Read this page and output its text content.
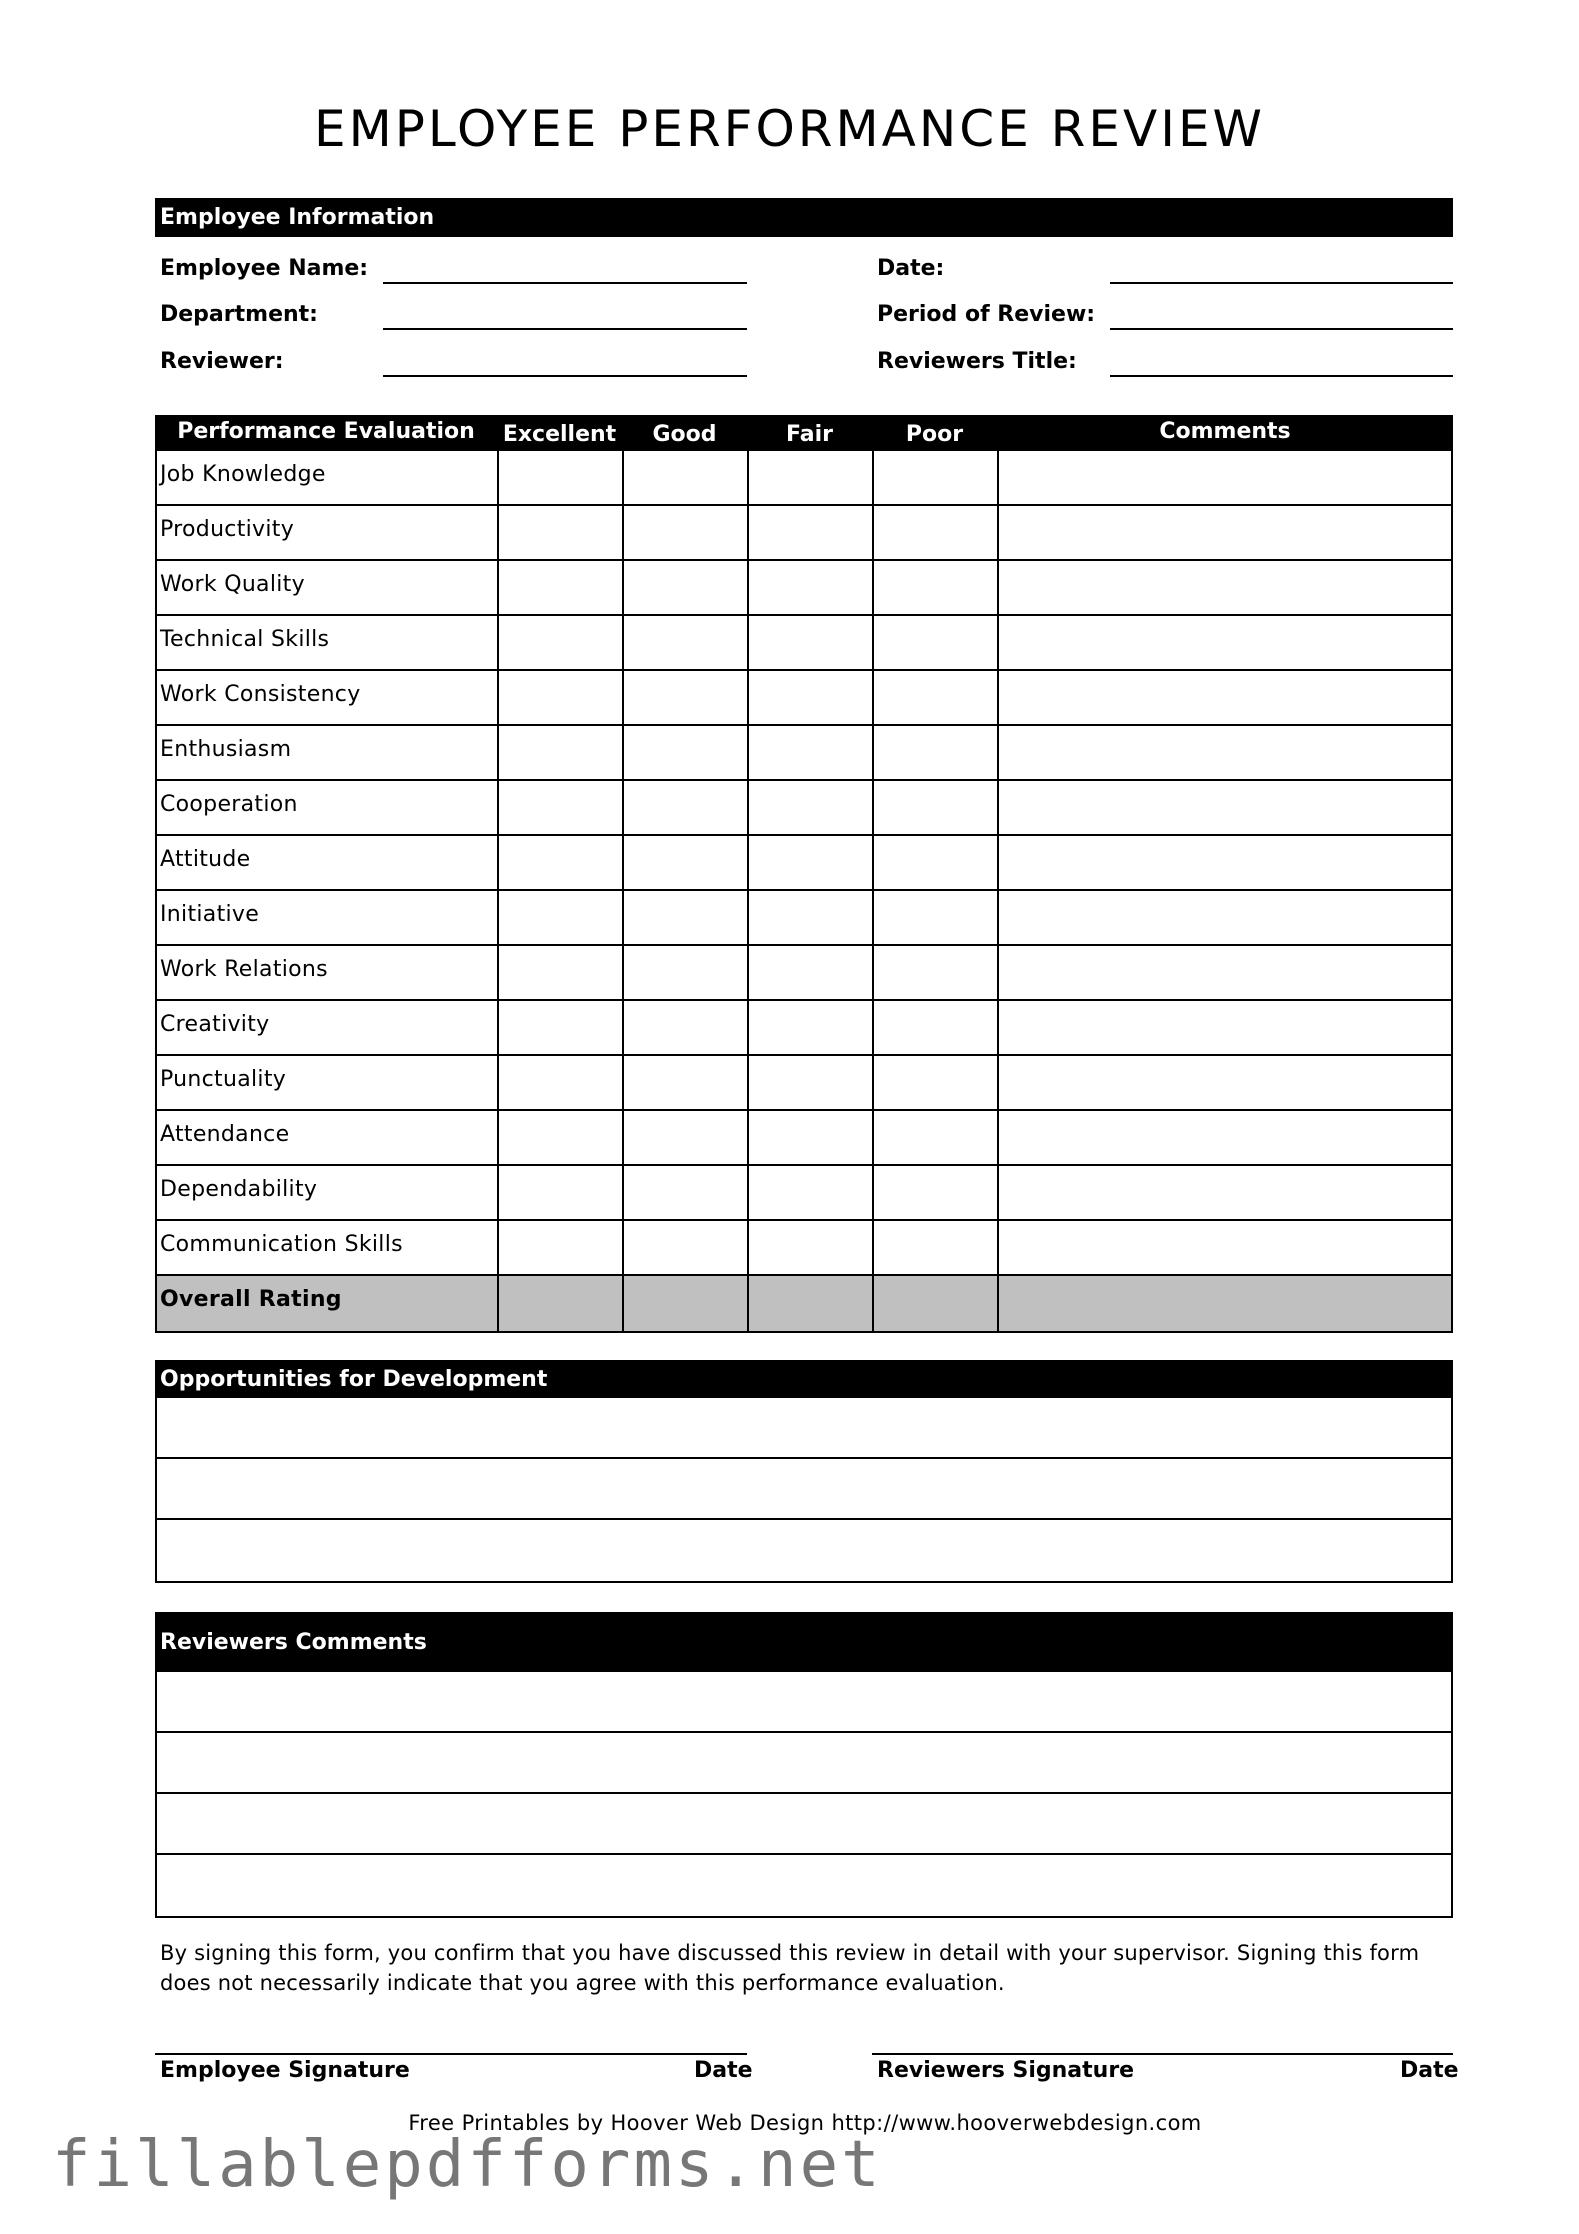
EMPLOYEE PERFORMANCE REVIEW
Employee Information
Employee Name:
Department:
Reviewer:
Date:
Period of Review:
Reviewers Title:
Performance Evaluation	Excellent	Good	Fair	Poor	Comments
Job Knowledge
Productivity
Work Quality
Technical Skills
Work Consistency
Enthusiasm
Cooperation
Attitude
Initiative
Work Relations
Creativity
Punctuality
Attendance
Dependability
Communication Skills
Overall Rating
Opportunities for Development
Reviewers Comments
By signing this form, you confirm that you have discussed this review in detail with your supervisor. Signing this form does not necessarily indicate that you agree with this performance evaluation.
Employee Signature	Date	Reviewers Signature	Date
Free Printables by Hoover Web Design http://www.hooverwebdesign.com
fillablepdfforms.net
